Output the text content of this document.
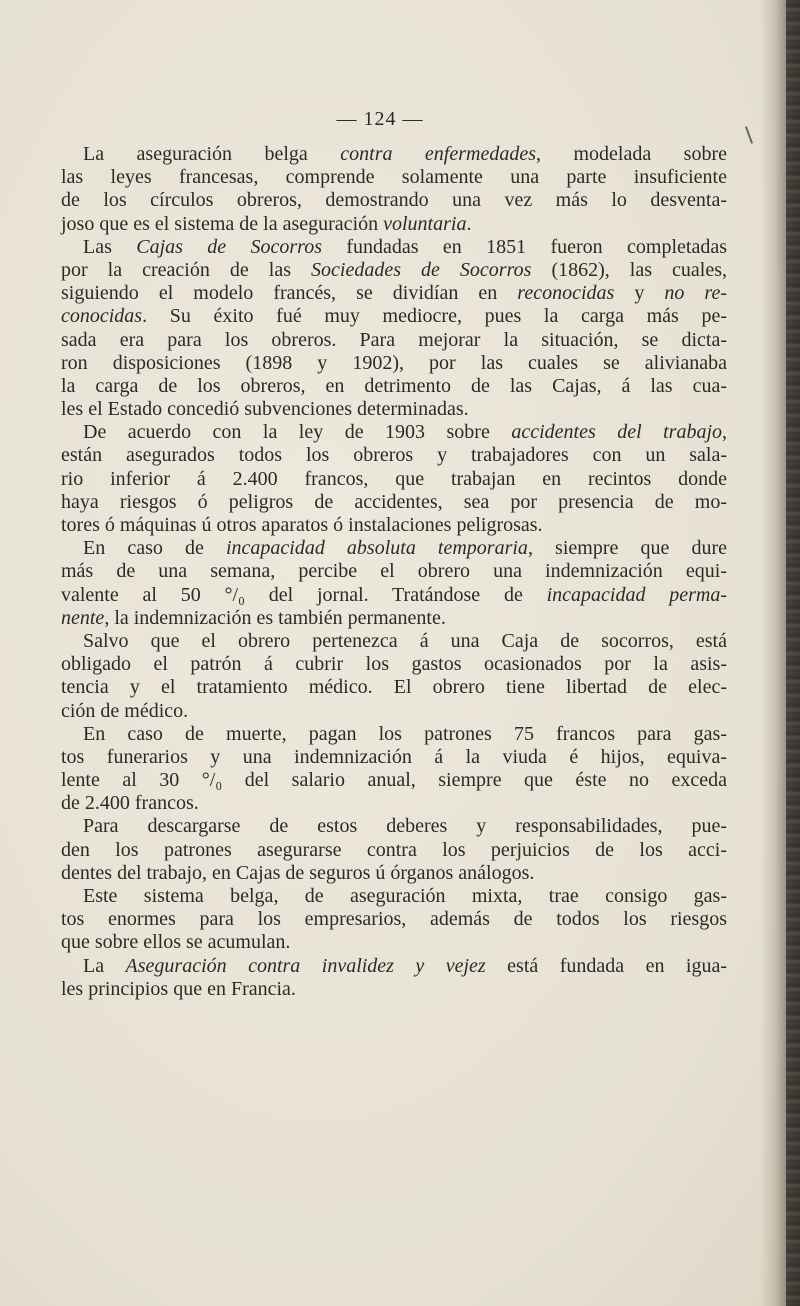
— 124 —
La aseguración belga contra enfermedades, modelada sobre
las leyes francesas, comprende solamente una parte insuficiente
de los círculos obreros, demostrando una vez más lo desventa-
joso que es el sistema de la aseguración voluntaria.
Las Cajas de Socorros fundadas en 1851 fueron completadas
por la creación de las Sociedades de Socorros (1862), las cuales,
siguiendo el modelo francés, se dividían en reconocidas y no re-
conocidas. Su éxito fué muy mediocre, pues la carga más pe-
sada era para los obreros. Para mejorar la situación, se dicta-
ron disposiciones (1898 y 1902), por las cuales se alivianaba
la carga de los obreros, en detrimento de las Cajas, á las cua-
les el Estado concedió subvenciones determinadas.
De acuerdo con la ley de 1903 sobre accidentes del trabajo,
están asegurados todos los obreros y trabajadores con un sala-
rio inferior á 2.400 francos, que trabajan en recintos donde
haya riesgos ó peligros de accidentes, sea por presencia de mo-
tores ó máquinas ú otros aparatos ó instalaciones peligrosas.
En caso de incapacidad absoluta temporaria, siempre que dure
más de una semana, percibe el obrero una indemnización equi-
valente al 50 °/₀ del jornal. Tratándose de incapacidad perma-
nente, la indemnización es también permanente.
Salvo que el obrero pertenezca á una Caja de socorros, está
obligado el patrón á cubrir los gastos ocasionados por la asis-
tencia y el tratamiento médico. El obrero tiene libertad de elec-
ción de médico.
En caso de muerte, pagan los patrones 75 francos para gas-
tos funerarios y una indemnización á la viuda é hijos, equiva-
lente al 30 °/₀ del salario anual, siempre que éste no exceda
de 2.400 francos.
Para descargarse de estos deberes y responsabilidades, pue-
den los patrones asegurarse contra los perjuicios de los acci-
dentes del trabajo, en Cajas de seguros ú órganos análogos.
Este sistema belga, de aseguración mixta, trae consigo gas-
tos enormes para los empresarios, además de todos los riesgos
que sobre ellos se acumulan.
La Aseguración contra invalidez y vejez está fundada en igua-
les principios que en Francia.
